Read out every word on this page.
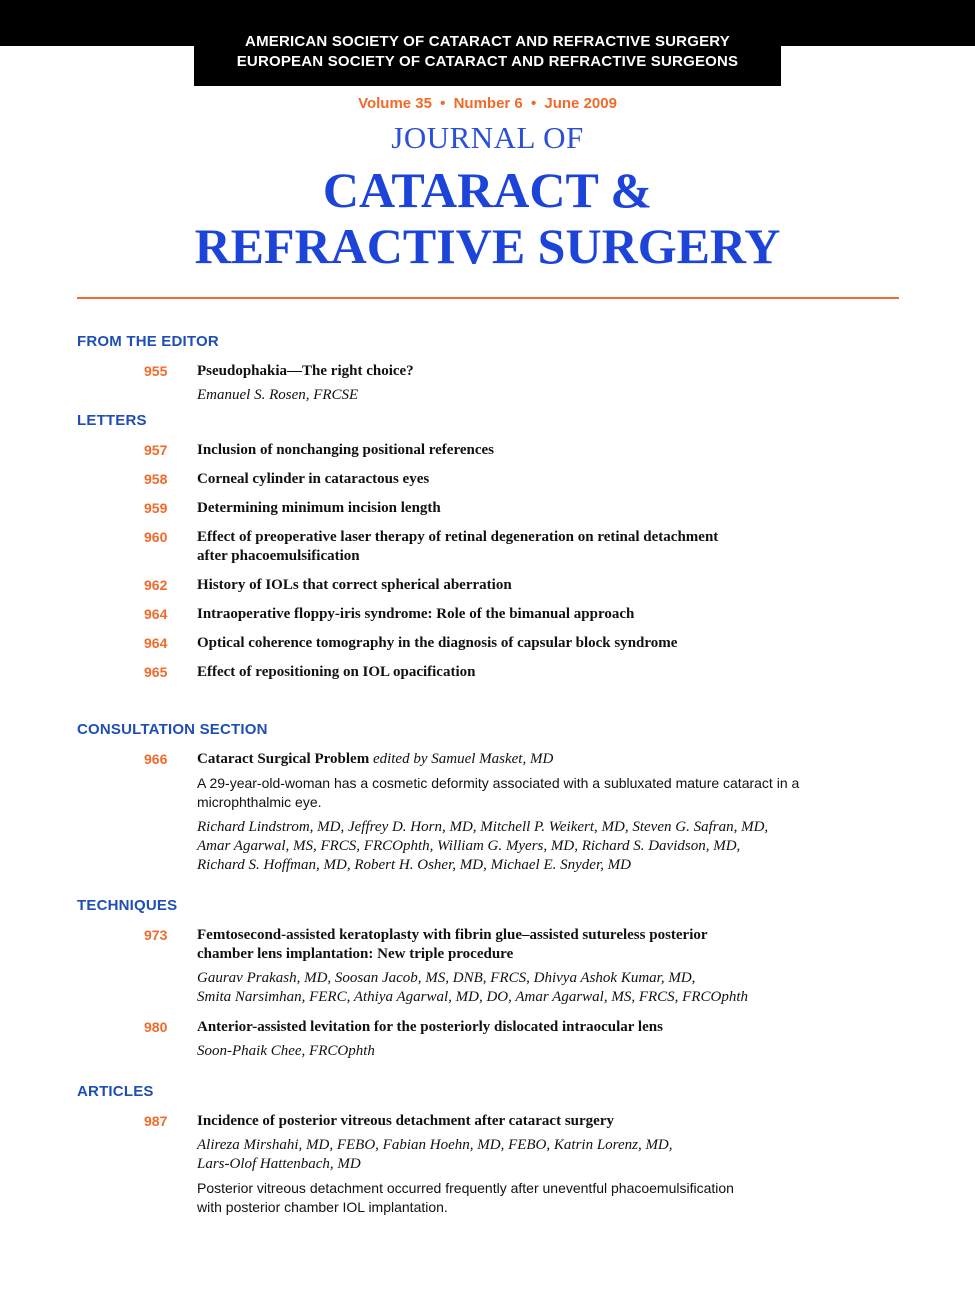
AMERICAN SOCIETY OF CATARACT AND REFRACTIVE SURGERY
EUROPEAN SOCIETY OF CATARACT AND REFRACTIVE SURGEONS
Volume 35 • Number 6 • June 2009
JOURNAL OF
CATARACT &
REFRACTIVE SURGERY
FROM THE EDITOR
955 Pseudophakia—The right choice?
Emanuel S. Rosen, FRCSE
LETTERS
957 Inclusion of nonchanging positional references
958 Corneal cylinder in cataractous eyes
959 Determining minimum incision length
960 Effect of preoperative laser therapy of retinal degeneration on retinal detachment
after phacoemulsification
962 History of IOLs that correct spherical aberration
964 Intraoperative floppy-iris syndrome: Role of the bimanual approach
964 Optical coherence tomography in the diagnosis of capsular block syndrome
965 Effect of repositioning on IOL opacification
CONSULTATION SECTION
966 Cataract Surgical Problem edited by Samuel Masket, MD
A 29-year-old-woman has a cosmetic deformity associated with a subluxated mature cataract in a
microphthalmic eye.
Richard Lindstrom, MD, Jeffrey D. Horn, MD, Mitchell P. Weikert, MD, Steven G. Safran, MD,
Amar Agarwal, MS, FRCS, FRCOphth, William G. Myers, MD, Richard S. Davidson, MD,
Richard S. Hoffman, MD, Robert H. Osher, MD, Michael E. Snyder, MD
TECHNIQUES
973 Femtosecond-assisted keratoplasty with fibrin glue–assisted sutureless posterior
chamber lens implantation: New triple procedure
Gaurav Prakash, MD, Soosan Jacob, MS, DNB, FRCS, Dhivya Ashok Kumar, MD,
Smita Narsimhan, FERC, Athiya Agarwal, MD, DO, Amar Agarwal, MS, FRCS, FRCOphth
980 Anterior-assisted levitation for the posteriorly dislocated intraocular lens
Soon-Phaik Chee, FRCOphth
ARTICLES
987 Incidence of posterior vitreous detachment after cataract surgery
Alireza Mirshahi, MD, FEBO, Fabian Hoehn, MD, FEBO, Katrin Lorenz, MD,
Lars-Olof Hattenbach, MD
Posterior vitreous detachment occurred frequently after uneventful phacoemulsification
with posterior chamber IOL implantation.
